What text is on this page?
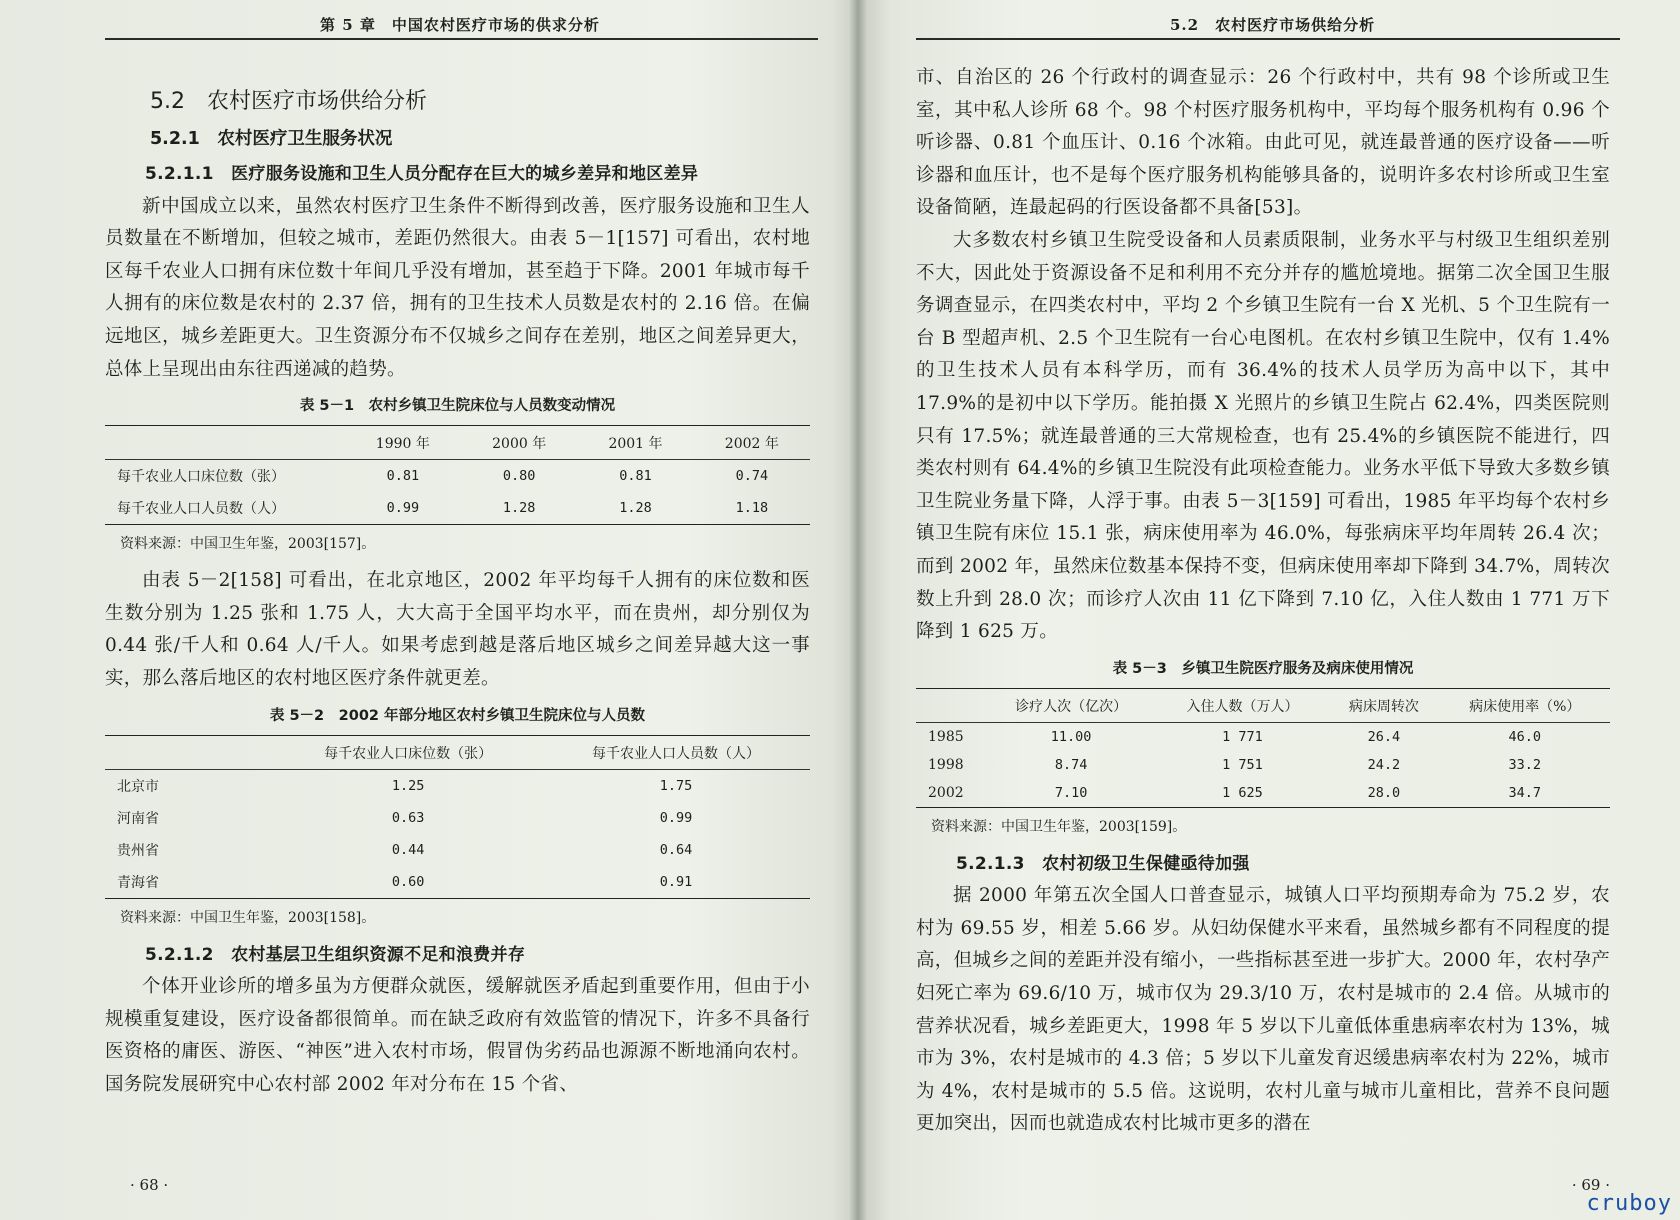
第 5 章　中国农村医疗市场的供求分析
5.2　农村医疗市场供给分析
5.2.1　农村医疗卫生服务状况

5.2.1.1　医疗服务设施和卫生人员分配存在巨大的城乡差异和地区差异

新中国成立以来，虽然农村医疗卫生条件不断得到改善，医疗服务设施和卫生人员数量在不断增加，但较之城市，差距仍然很大。由表 5－1[157] 可看出，农村地区每千农业人口拥有床位数十年间几乎没有增加，甚至趋于下降。2001 年城市每千人拥有的床位数是农村的 2.37 倍，拥有的卫生技术人员数是农村的 2.16 倍。在偏远地区，城乡差距更大。卫生资源分布不仅城乡之间存在差别，地区之间差异更大，总体上呈现出由东往西递减的趋势。

表 5－1　农村乡镇卫生院床位与人员数变动情况
	1990 年	2000 年	2001 年	2002 年
每千农业人口床位数（张）	0.81	0.80	0.81	0.74
每千农业人口人员数（人）	0.99	1.28	1.28	1.18
资料来源：中国卫生年鉴，2003[157]。

由表 5－2[158] 可看出，在北京地区，2002 年平均每千人拥有的床位数和医生数分别为 1.25 张和 1.75 人，大大高于全国平均水平，而在贵州，却分别仅为 0.44 张/千人和 0.64 人/千人。如果考虑到越是落后地区城乡之间差异越大这一事实，那么落后地区的农村地区医疗条件就更差。

表 5－2　2002 年部分地区农村乡镇卫生院床位与人员数
	每千农业人口床位数（张）	每千农业人口人员数（人）
北京市	1.25	1.75
河南省	0.63	0.99
贵州省	0.44	0.64
青海省	0.60	0.91
资料来源：中国卫生年鉴，2003[158]。

5.2.1.2　农村基层卫生组织资源不足和浪费并存

个体开业诊所的增多虽为方便群众就医，缓解就医矛盾起到重要作用，但由于小规模重复建设，医疗设备都很简单。而在缺乏政府有效监管的情况下，许多不具备行医资格的庸医、游医、“神医”进入农村市场，假冒伪劣药品也源源不断地涌向农村。国务院发展研究中心农村部 2002 年对分布在 15 个省、

· 68 ·
5.2　农村医疗市场供给分析

市、自治区的 26 个行政村的调查显示：26 个行政村中，共有 98 个诊所或卫生室，其中私人诊所 68 个。98 个村医疗服务机构中，平均每个服务机构有 0.96 个听诊器、0.81 个血压计、0.16 个冰箱。由此可见，就连最普通的医疗设备——听诊器和血压计，也不是每个医疗服务机构能够具备的，说明许多农村诊所或卫生室设备简陋，连最起码的行医设备都不具备[53]。

大多数农村乡镇卫生院受设备和人员素质限制，业务水平与村级卫生组织差别不大，因此处于资源设备不足和利用不充分并存的尴尬境地。据第二次全国卫生服务调查显示，在四类农村中，平均 2 个乡镇卫生院有一台 X 光机、5 个卫生院有一台 B 型超声机、2.5 个卫生院有一台心电图机。在农村乡镇卫生院中，仅有 1.4%的卫生技术人员有本科学历，而有 36.4%的技术人员学历为高中以下，其中 17.9%的是初中以下学历。能拍摄 X 光照片的乡镇卫生院占 62.4%，四类医院则只有 17.5%；就连最普通的三大常规检查，也有 25.4%的乡镇医院不能进行，四类农村则有 64.4%的乡镇卫生院没有此项检查能力。业务水平低下导致大多数乡镇卫生院业务量下降，人浮于事。由表 5－3[159] 可看出，1985 年平均每个农村乡镇卫生院有床位 15.1 张，病床使用率为 46.0%，每张病床平均年周转 26.4 次；而到 2002 年，虽然床位数基本保持不变，但病床使用率却下降到 34.7%，周转次数上升到 28.0 次；而诊疗人次由 11 亿下降到 7.10 亿，入住人数由 1 771 万下降到 1 625 万。

表 5－3　乡镇卫生院医疗服务及病床使用情况
	诊疗人次（亿次）	入住人数（万人）	病床周转次	病床使用率（%）
1985	11.00	1 771	26.4	46.0
1998	8.74	1 751	24.2	33.2
2002	7.10	1 625	28.0	34.7
资料来源：中国卫生年鉴，2003[159]。

5.2.1.3　农村初级卫生保健亟待加强

据 2000 年第五次全国人口普查显示，城镇人口平均预期寿命为 75.2 岁，农村为 69.55 岁，相差 5.66 岁。从妇幼保健水平来看，虽然城乡都有不同程度的提高，但城乡之间的差距并没有缩小，一些指标甚至进一步扩大。2000 年，农村孕产妇死亡率为 69.6/10 万，城市仅为 29.3/10 万，农村是城市的 2.4 倍。从城市的营养状况看，城乡差距更大，1998 年 5 岁以下儿童低体重患病率农村为 13%，城市为 3%，农村是城市的 4.3 倍；5 岁以下儿童发育迟缓患病率农村为 22%，城市为 4%，农村是城市的 5.5 倍。这说明，农村儿童与城市儿童相比，营养不良问题更加突出，因而也就造成农村比城市更多的潜在

· 69 ·
cruboy
